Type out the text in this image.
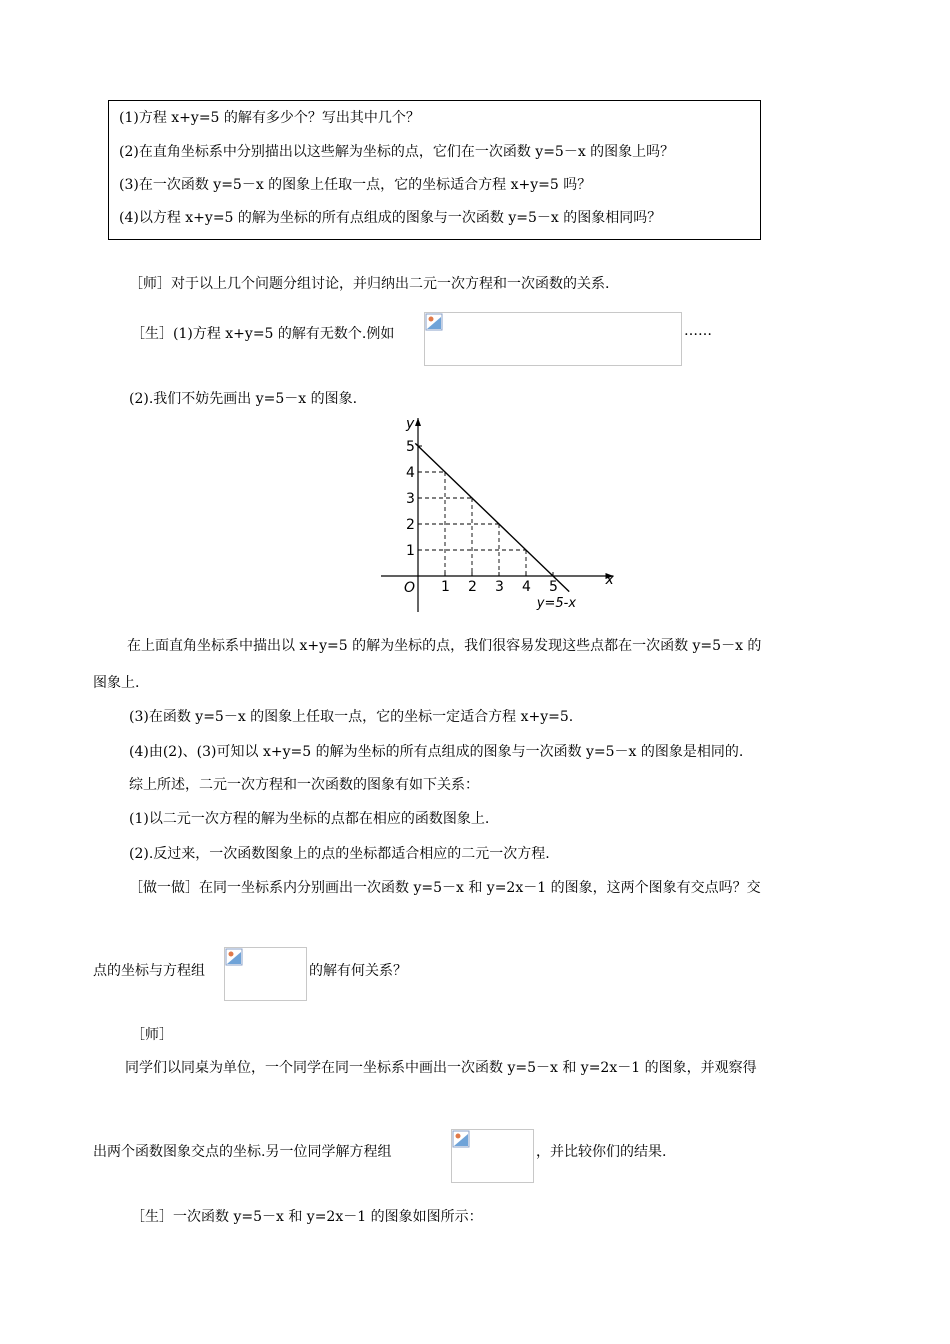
(1)方程 x+y=5 的解有多少个？写出其中几个？
(2)在直角坐标系中分别描出以这些解为坐标的点，它们在一次函数 y=5－x 的图象上吗？
(3)在一次函数 y=5－x 的图象上任取一点，它的坐标适合方程 x+y=5 吗？
(4)以方程 x+y=5 的解为坐标的所有点组成的图象与一次函数 y=5－x 的图象相同吗？
［师］对于以上几个问题分组讨论，并归纳出二元一次方程和一次函数的关系.
［生］(1)方程 x+y=5 的解有无数个.例如	……
(2).我们不妨先画出 y=5－x 的图象.
1 2 3 4 5
1
2
3
4
5
O	x
y
y=5-x
在上面直角坐标系中描出以 x+y=5 的解为坐标的点，我们很容易发现这些点都在一次函数 y=5－x 的
图象上.
(3)在函数 y=5－x 的图象上任取一点，它的坐标一定适合方程 x+y=5.
(4)由(2)、(3)可知以 x+y=5 的解为坐标的所有点组成的图象与一次函数 y=5－x 的图象是相同的.
综上所述，二元一次方程和一次函数的图象有如下关系：
(1)以二元一次方程的解为坐标的点都在相应的函数图象上.
(2).反过来，一次函数图象上的点的坐标都适合相应的二元一次方程.
［做一做］在同一坐标系内分别画出一次函数 y=5－x 和 y=2x－1 的图象，这两个图象有交点吗？交
点的坐标与方程组	的解有何关系？
［师］
同学们以同桌为单位，一个同学在同一坐标系中画出一次函数 y=5－x 和 y=2x－1 的图象，并观察得
出两个函数图象交点的坐标.另一位同学解方程组	，并比较你们的结果.
［生］一次函数 y=5－x 和 y=2x－1 的图象如图所示：
